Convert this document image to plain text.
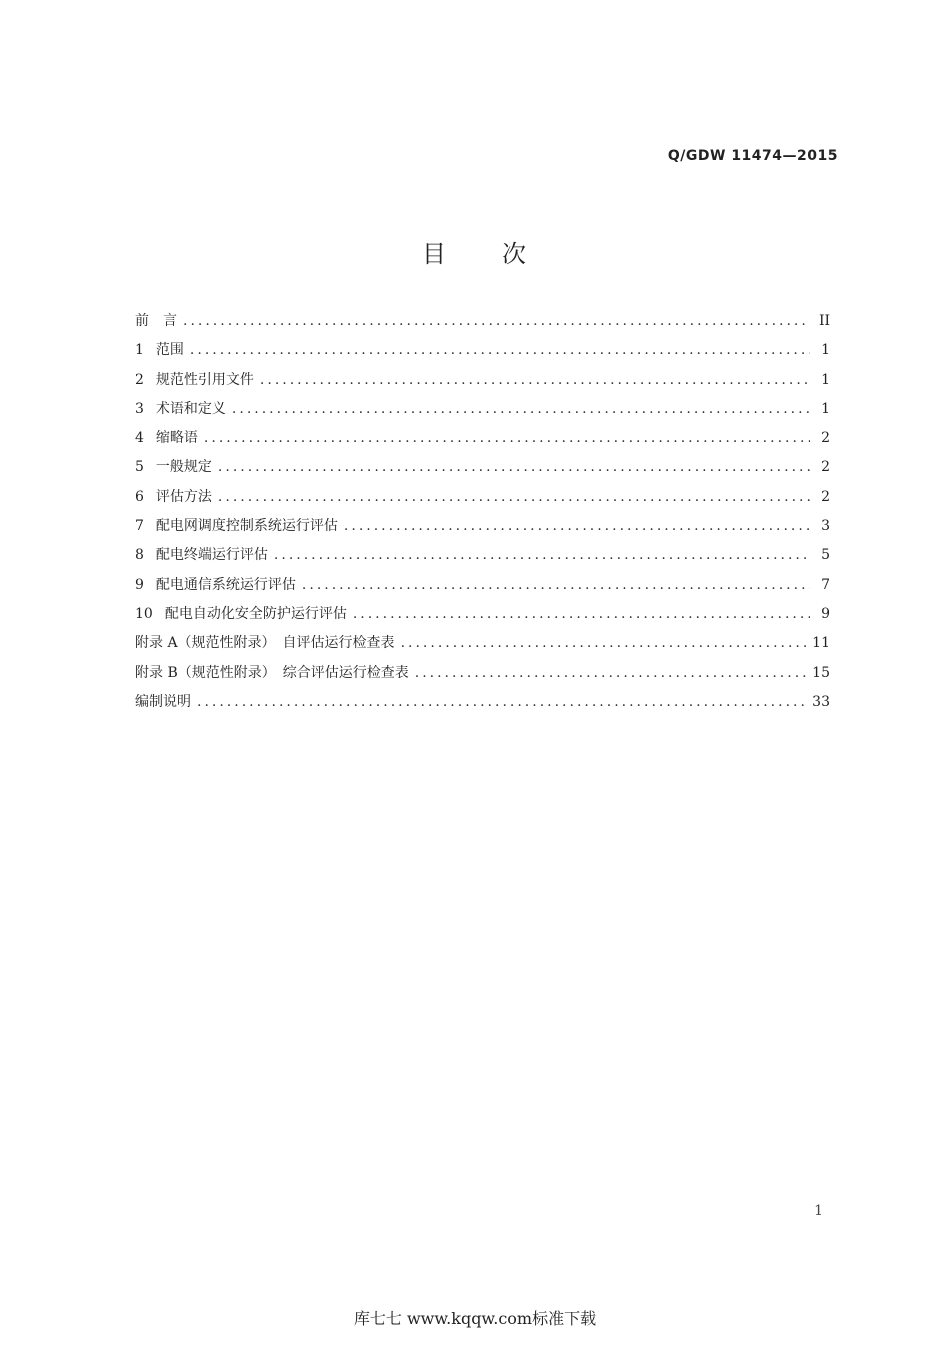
Q/GDW 11474—2015
目 次
前　言 .....	II
1 范围 .....	1
2 规范性引用文件 .....	1
3 术语和定义 .....	1
4 缩略语 .....	2
5 一般规定 .....	2
6 评估方法 .....	2
7 配电网调度控制系统运行评估 .....	3
8 配电终端运行评估 .....	5
9 配电通信系统运行评估 .....	7
10 配电自动化安全防护运行评估 .....	9
附录 A（规范性附录）　自评估运行检查表 .....	11
附录 B（规范性附录）　综合评估运行检查表 .....	15
编制说明 .....	33
1
库七七 www.kqqw.com标准下载
